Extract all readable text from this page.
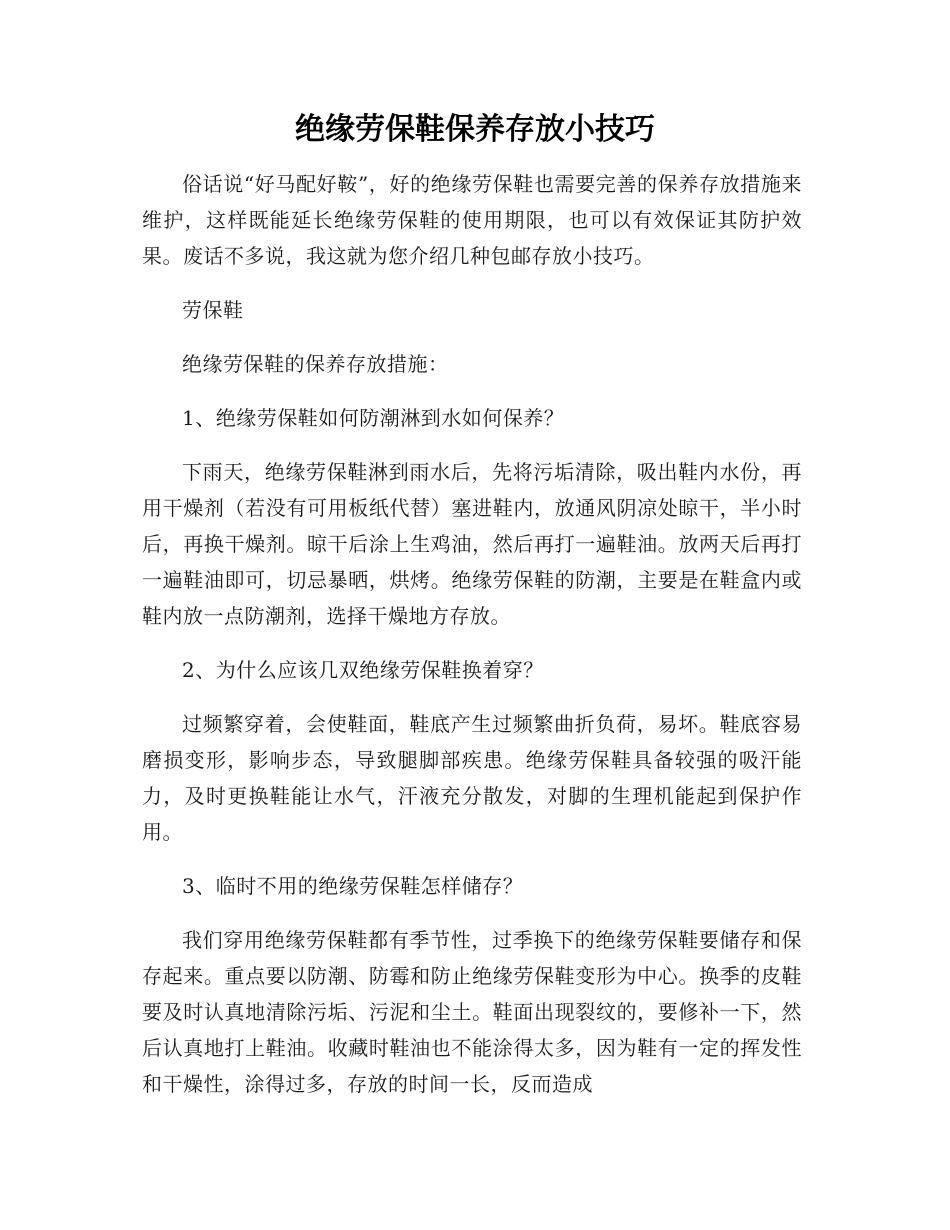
绝缘劳保鞋保养存放小技巧

俗话说“好马配好鞍”，好的绝缘劳保鞋也需要完善的保养存放措施来维护，这样既能延长绝缘劳保鞋的使用期限，也可以有效保证其防护效果。废话不多说，我这就为您介绍几种包邮存放小技巧。

劳保鞋

绝缘劳保鞋的保养存放措施：

1、绝缘劳保鞋如何防潮淋到水如何保养？

下雨天，绝缘劳保鞋淋到雨水后，先将污垢清除，吸出鞋内水份，再用干燥剂（若没有可用板纸代替）塞进鞋内，放通风阴凉处晾干，半小时后，再换干燥剂。晾干后涂上生鸡油，然后再打一遍鞋油。放两天后再打一遍鞋油即可，切忌暴晒，烘烤。绝缘劳保鞋的防潮，主要是在鞋盒内或鞋内放一点防潮剂，选择干燥地方存放。

2、为什么应该几双绝缘劳保鞋换着穿？

过频繁穿着，会使鞋面，鞋底产生过频繁曲折负荷，易坏。鞋底容易磨损变形，影响步态，导致腿脚部疾患。绝缘劳保鞋具备较强的吸汗能力，及时更换鞋能让水气，汗液充分散发，对脚的生理机能起到保护作用。

3、临时不用的绝缘劳保鞋怎样储存？

我们穿用绝缘劳保鞋都有季节性，过季换下的绝缘劳保鞋要储存和保存起来。重点要以防潮、防霉和防止绝缘劳保鞋变形为中心。换季的皮鞋要及时认真地清除污垢、污泥和尘土。鞋面出现裂纹的，要修补一下，然后认真地打上鞋油。收藏时鞋油也不能涂得太多，因为鞋有一定的挥发性和干燥性，涂得过多，存放的时间一长，反而造成
